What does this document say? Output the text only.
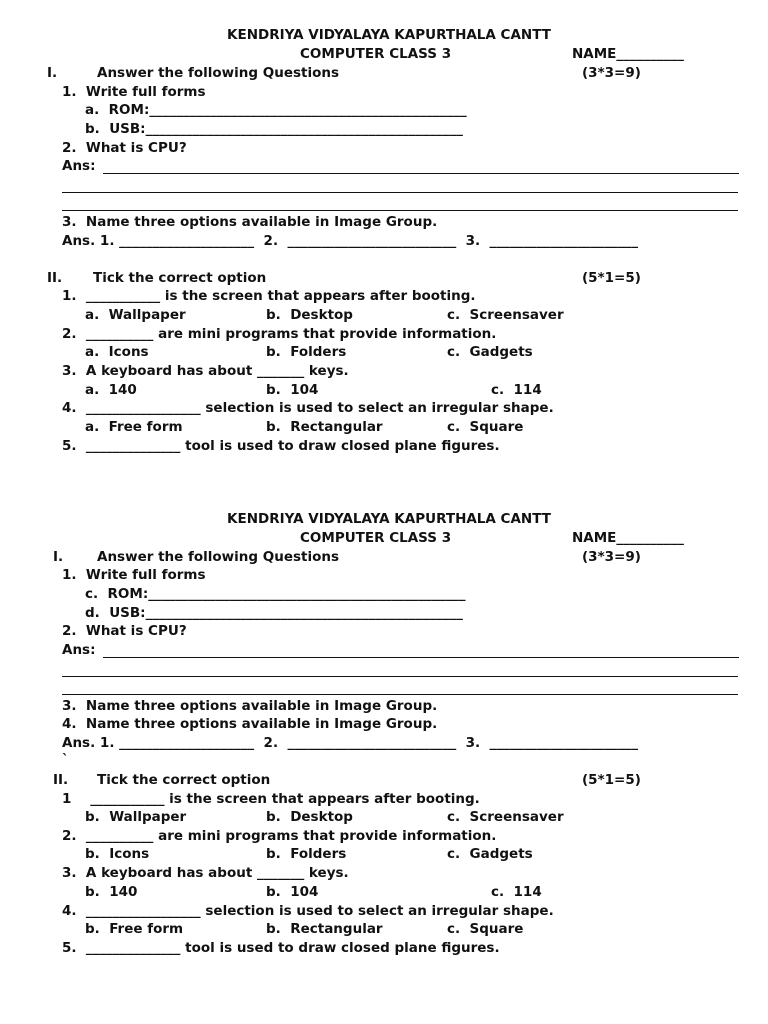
KENDRIYA VIDYALAYA KAPURTHALA CANTT
COMPUTER CLASS 3	NAME__________
I.	Answer the following Questions	(3*3=9)
1.  Write full forms
a.  ROM:_______________________________________________
b.  USB:_______________________________________________
2.  What is CPU?
Ans:
3.  Name three options available in Image Group.
Ans. 1. ____________________  2.  _________________________  3.  ______________________
II. Tick the correct option	(5*1=5)
1.  ___________ is the screen that appears after booting.
a.  Wallpaper	b.  Desktop	c.  Screensaver
2.  __________ are mini programs that provide information.
a.  Icons	b.  Folders	c.  Gadgets
3.  A keyboard has about _______ keys.
a.  140	b.  104	c.  114
4.  _________________ selection is used to select an irregular shape.
a.  Free form	b.  Rectangular	c.  Square
5.  ______________ tool is used to draw closed plane figures.
KENDRIYA VIDYALAYA KAPURTHALA CANTT
COMPUTER CLASS 3	NAME__________
I.	Answer the following Questions	(3*3=9)
1.  Write full forms
c.  ROM:_______________________________________________
d.  USB:_______________________________________________
2.  What is CPU?
Ans:
3.  Name three options available in Image Group.
4.  Name three options available in Image Group.
Ans. 1. ____________________  2.  _________________________  3.  ______________________
`
II. Tick the correct option	(5*1=5)
1    ___________ is the screen that appears after booting.
b.  Wallpaper	b.  Desktop	c.  Screensaver
2.  __________ are mini programs that provide information.
b.  Icons	b.  Folders	c.  Gadgets
3.  A keyboard has about _______ keys.
b.  140	b.  104	c.  114
4.  _________________ selection is used to select an irregular shape.
b.  Free form	b.  Rectangular	c.  Square
5.  ______________ tool is used to draw closed plane figures.
